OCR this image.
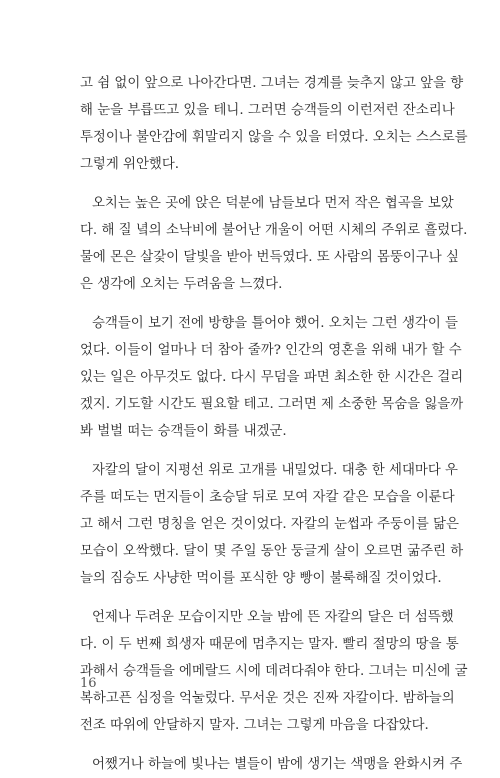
고 쉼 없이 앞으로 나아간다면. 그녀는 경계를 늦추지 않고 앞을 향
해 눈을 부릅뜨고 있을 테니. 그러면 승객들의 이런저런 잔소리나
투정이나 불안감에 휘말리지 않을 수 있을 터였다. 오치는 스스로를
그렇게 위안했다.
오치는 높은 곳에 앉은 덕분에 남들보다 먼저 작은 협곡을 보았
다. 해 질 녘의 소낙비에 불어난 개울이 어떤 시체의 주위로 흘렀다.
물에 몬은 살갗이 달빛을 받아 번득였다. 또 사람의 몸뚱이구나 싶
은 생각에 오치는 두려움을 느꼈다.
승객들이 보기 전에 방향을 틀어야 했어. 오치는 그런 생각이 들
었다. 이들이 얼마나 더 참아 줄까? 인간의 영혼을 위해 내가 할 수
있는 일은 아무것도 없다. 다시 무덤을 파면 최소한 한 시간은 걸리
겠지. 기도할 시간도 필요할 테고. 그러면 제 소중한 목숨을 잃을까
봐 벌벌 떠는 승객들이 화를 내겠군.
자칼의 달이 지평선 위로 고개를 내밀었다. 대충 한 세대마다 우
주를 떠도는 먼지들이 초승달 뒤로 모여 자칼 같은 모습을 이룬다
고 해서 그런 명칭을 얻은 것이었다. 자칼의 눈썹과 주둥이를 닮은
모습이 오싹했다. 달이 몇 주일 동안 둥글게 살이 오르면 굶주린 하
늘의 짐승도 사냥한 먹이를 포식한 양 빵이 불룩해질 것이었다.
언제나 두려운 모습이지만 오늘 밤에 뜬 자칼의 달은 더 섬뜩했
다. 이 두 번째 희생자 때문에 멈추지는 말자. 빨리 절망의 땅을 통
과해서 승객들을 에메랄드 시에 데려다줘야 한다. 그녀는 미신에 굴
복하고픈 심정을 억눌렀다. 무서운 것은 진짜 자칼이다. 밤하늘의
전조 따위에 안달하지 말자. 그녀는 그렇게 마음을 다잡았다.
어쨌거나 하늘에 빛나는 별들이 밤에 생기는 색맹을 완화시켜 주
16
